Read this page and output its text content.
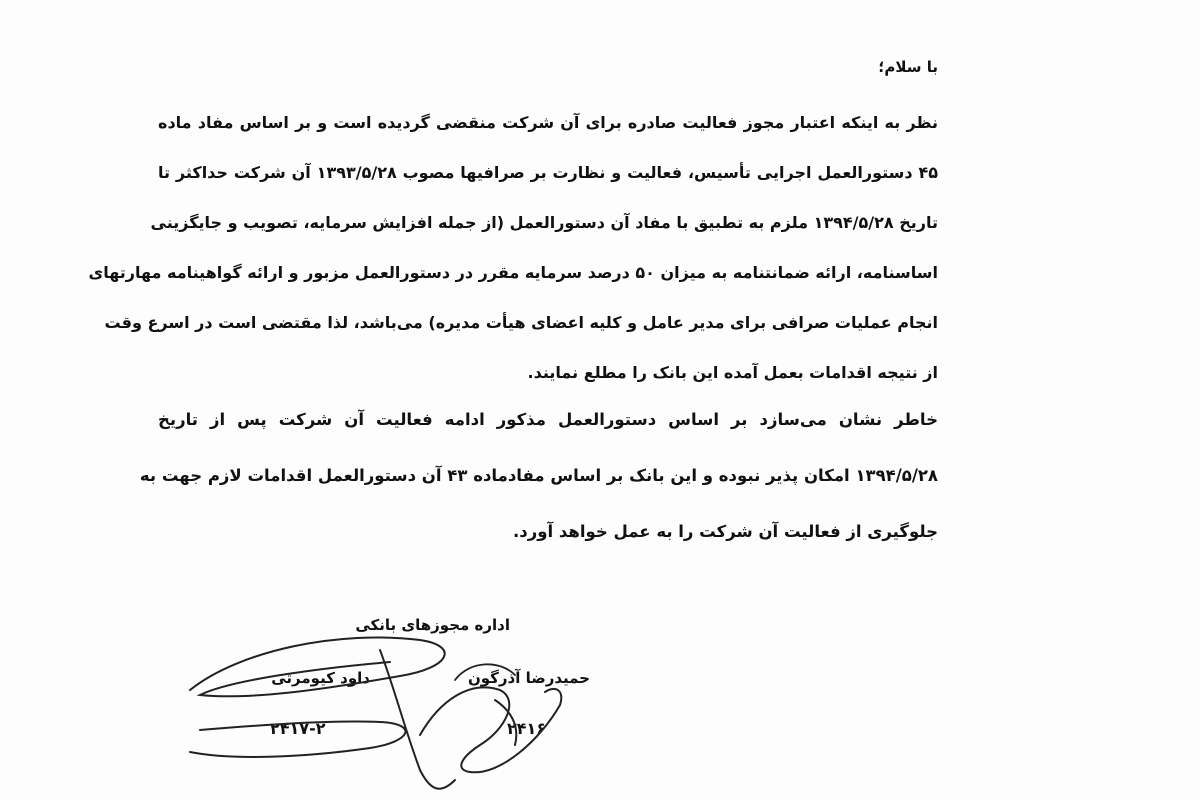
با سلام؛
نظر به اینکه اعتبار مجوز فعالیت صادره برای آن شرکت منقضی گردیده است و بر اساس مفاد ماده
۴۵ دستورالعمل اجرایی تأسیس، فعالیت و نظارت بر صرافیها مصوب ۱۳۹۳/۵/۲۸ آن شرکت حداکثر تا
تاریخ ۱۳۹۴/۵/۲۸ ملزم به تطبیق با مفاد آن دستورالعمل (از جمله افزایش سرمایه، تصویب و جایگزینی
اساسنامه، ارائه ضمانتنامه به میزان ۵۰ درصد سرمایه مقرر در دستورالعمل مزبور و ارائه گواهینامه مهارتهای
انجام عملیات صرافی برای مدیر عامل و کلیه اعضای هیأت مدیره) می‌باشد، لذا مقتضی است در اسرع وقت
از نتیجه اقدامات بعمل آمده این بانک را مطلع نمایند.
خاطر نشان می‌سازد بر اساس دستورالعمل مذکور ادامه فعالیت آن شرکت پس از تاریخ
۱۳۹۴/۵/۲۸ امکان پذیر نبوده و این بانک بر اساس مفادماده ۴۳ آن دستورالعمل اقدامات لازم جهت به
جلوگیری از فعالیت آن شرکت را به عمل خواهد آورد.
اداره مجوزهای بانکی
حمیدرضا آذرگون
داود کیومرثی
۲۴۱۶
۲۴۱۷-۲
